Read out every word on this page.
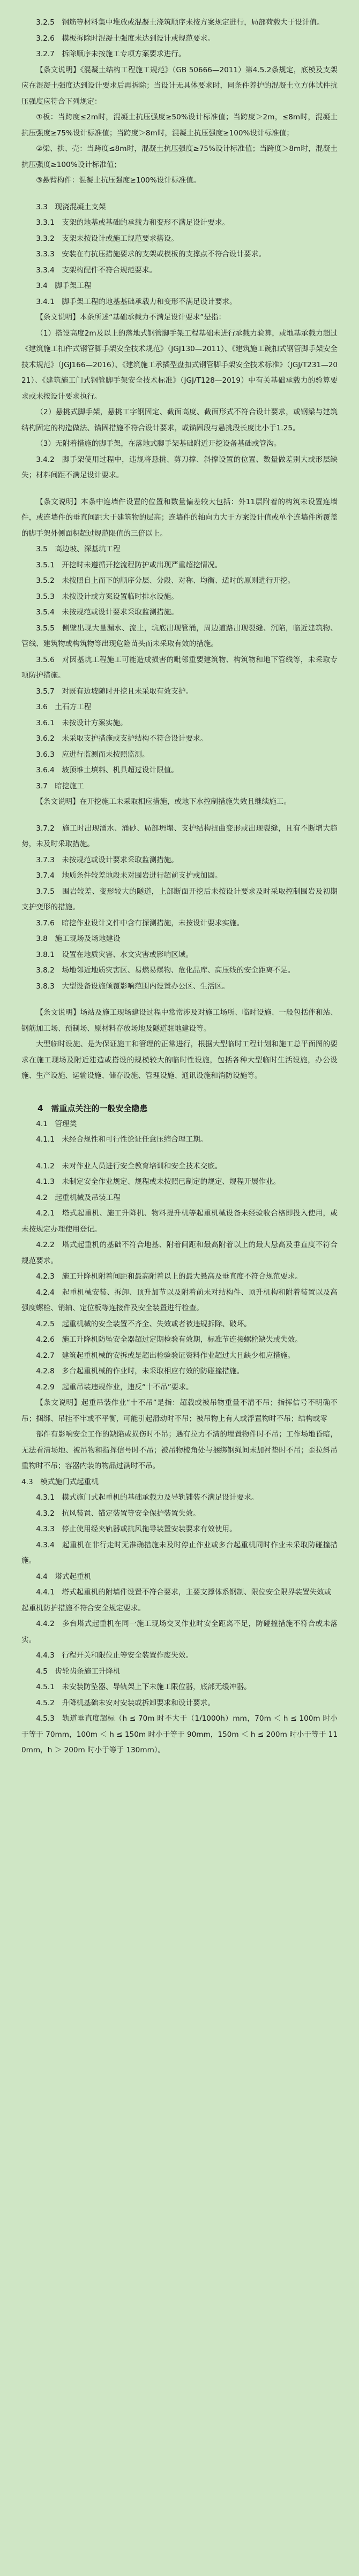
3.2.5　钢筋等材料集中堆放或混凝土浇筑顺序未按方案规定进行，局部荷载大于设计值。

3.2.6　模板拆除时混凝土强度未达到设计或规范要求。

3.2.7　拆除顺序未按施工专项方案要求进行。

【条文说明】《混凝土结构工程施工规范》（GB 50666—2011）第4.5.2条规定，底模及支架应在混凝土强度达到设计要求后再拆除；当设计无具体要求时，同条件养护的混凝土立方体试件抗压强度应符合下列规定：

①板：当跨度≤2m时，混凝土抗压强度≥50%设计标准值；当跨度＞2m，≤8m时，混凝土抗压强度≥75%设计标准值；当跨度＞8m时，混凝土抗压强度≥100%设计标准值；

②梁、拱、壳：当跨度≤8m时，混凝土抗压强度≥75%设计标准值；当跨度＞8m时，混凝土抗压强度≥100%设计标准值；

③悬臂构件：混凝土抗压强度≥100%设计标准值。

3.3　现浇混凝土支架

3.3.1　支架的地基或基础的承载力和变形不满足设计要求。

3.3.2　支架未按设计或施工规范要求搭设。

3.3.3　安装在有抗压措施要求的支架或模板的支撑点不符合设计要求。

3.3.4　支架构配件不符合规范要求。

3.4　脚手架工程

3.4.1　脚手架工程的地基基础承载力和变形不满足设计要求。

【条文说明】本条所述“基础承载力不满足设计要求”是指：

（1）搭设高度2m及以上的落地式钢管脚手架工程基础未进行承载力验算，或地基承载力超过《建筑施工扣件式钢管脚手架安全技术规范》（JGJ130—2011）、《建筑施工碗扣式钢管脚手架安全技术规范》（JGJ166—2016）、《建筑施工承插型盘扣式钢管脚手架安全技术标准》（JGJ/T231—2021）、《建筑施工门式钢管脚手架安全技术标准》（JGJ/T128—2019）中有关基础承载力的验算要求或未按设计要求执行。

（2）悬挑式脚手架，悬挑工字钢固定、截面高度、截面形式不符合设计要求，或钢梁与建筑结构固定的构造做法、锚固措施不符合设计要求，或锚固段与悬挑段长度比小于1.25。

（3）无附着措施的脚手架，在落地式脚手架基础附近开挖设备基础或管沟。

3.4.2　脚手架使用过程中，违规将悬挑、剪刀撑、斜撑设置的位置、数量做差别大或形层缺失；材料间距不满足设计要求。

【条文说明】本条中连墙件设置的位置和数量偏差较大包括：外11层附着的构筑未设置连墙件，或连墙件的垂直间距大于建筑物的层高；连墙件的轴向力大于方案设计值或单个连墙件所覆盖的脚手架外侧面积超过规范限值的三倍以上。

3.5　高边坡、深基坑工程

3.5.1　开挖时未遵循开挖流程防护或出现严重超挖情况。

3.5.2　未按照自上而下的顺序分层、分段、对称、均衡、适时的原则进行开挖。

3.5.3　未按设计或方案设置临时排水设施。

3.5.4　未按规范或设计要求采取监测措施。

3.5.5　侧壁出现大量漏水、流土，坑底出现管涌，周边道路出现裂缝、沉陷，临近建筑物、管线、建筑物或构筑物等出现危险苗头而未采取有效的措施。

3.5.6　对因基坑工程施工可能造成损害的毗邻重要建筑物、构筑物和地下管线等，未采取专项防护措施。

3.5.7　对既有边坡随时开挖且未采取有效支护。

3.6　土石方工程

3.6.1　未按设计方案实施。

3.6.2　未采取支护措施或支护结构不符合设计要求。

3.6.3　应进行监测而未按照监测。

3.6.4　坡顶堆土填料、机具超过设计限值。

3.7　暗挖施工

【条文说明】在开挖施工未采取相应措施，或地下水控制措施失效且继续施工。

3.7.2　施工时出现涌水、涌砂、局部坍塌、支护结构扭曲变形或出现裂缝，且有不断增大趋势，未及时采取措施。

3.7.3　未按规范或设计要求采取监测措施。

3.7.4　地质条件较差地段未对围岩进行超前支护或加固。

3.7.5　围岩较差、变形较大的隧道，上部断面开挖后未按设计要求及时采取控制围岩及初期支护变形的措施。

3.7.6　暗挖作业设计文件中含有探测措施，未按设计要求实施。

3.8　施工现场及场地建设

3.8.1　设置在地质灾害、水文灾害或影响区域。

3.8.2　场地邻近地质灾害区、易燃易爆物、危化品库、高压线的安全距离不足。

3.8.3　大型设备设施倾覆影响范围内设置办公区、生活区。

【条文说明】场站及施工现场建设过程中常常涉及对施工场所、临时设施、一般包括伴和站、钢筋加工场、预制场、原材料存放场地及隧道驻地建设等。

大型临时设施、是为保证施工和管理的正常进行，根据大型临时工程计划和施工总平面图的要求在施工现场及附近建造或搭设的规模较大的临时性设施，包括各种大型临时生活设施，办公设施、生产设施、运输设施、储存设施、管理设施、通讯设施和消防设施等。

4　需重点关注的一般安全隐患

4.1　管理类

4.1.1　未经合规性和可行性论证任意压缩合理工期。

4.1.2　未对作业人员进行安全教育培训和安全技术交底。

4.1.3　未制定安全作业规定、规程或未按照已制定的规定、规程开展作业。

4.2　起重机械及吊装工程

4.2.1　塔式起重机、施工升降机、物料提升机等起重机械设备未经验收合格即投入使用，或未按规定办理使用登记。

4.2.2　塔式起重机的基础不符合地基、附着间距和最高附着以上的最大悬高及垂直度不符合规范要求。

4.2.3　施工升降机附着间距和最高附着以上的最大悬高及垂直度不符合规范要求。

4.2.4　起重机械安装、拆卸、顶升加节以及附着前未对结构件、顶升机构和附着装置以及高强度螺栓、销轴、定位板等连接件及安全装置进行检查。

4.2.5　起重机械的安全装置不齐全、失效或者被违规拆除、破坏。

4.2.6　施工升降机防坠安全器超过定期检验有效期，标准节连接螺栓缺失或失效。

4.2.7　建筑起重机械的安拆或是超出检验验证资料作业超过大且缺少相应措施。

4.2.8　多台起重机械的作业时，未采取相应有效的防碰撞措施。

4.2.9　起重吊装违规作业，违反“十不吊”要求。

【条文说明】起重吊装作业“十不吊”是指：超载或被吊物重量不清不吊；指挥信号不明确不吊；捆绑、吊挂不牢或不平衡，可能引起滑动时不吊；被吊物上有人或浮置物时不吊；结构或零

部件有影响安全工作的缺陷或损伤时不吊；遇有拉力不清的埋置物件时不吊；工作场地昏暗，无法看清场地、被吊物和指挥信号时不吊；被吊物棱角处与捆绑钢绳间未加衬垫时不吊；歪拉斜吊重物时不吊；容器内装的物品过满时不吊。

4.3　模式施门式起重机

4.3.1　模式施门式起重机的基础承载力及导轨铺装不满足设计要求。

4.3.2　抗风装置、锚定装置等安全保护装置失效。

4.3.3　停止使用经夹轨器或抗风拖导装置安装要求有效使用。

4.3.4　起重机在非行走时无准确措施未及时停止作业或多台起重机同时作业未采取防碰撞措施。

4.4　塔式起重机

4.4.1　塔式起重机的附墙件设置不符合要求，主要支撑体系钢制、限位安全限界装置失效或起重机防护措施不符合安全规定要求。

4.4.2　多台塔式起重机在同一施工现场交叉作业时安全距离不足，防碰撞措施不符合或未落实。

4.4.3　行程开关和限位止等安全装置作废失效。

4.5　齿轮齿条施工升降机

4.5.1　未安装防坠器、导轨架上下未施工限位器，底部无缓冲器。

4.5.2　升降机基础未安对安装或拆卸要求和设计要求。

4.5.3　轨道垂直度超标（h ≤ 70m 时不大于（1/1000h）mm，70m ＜ h ≤ 100m 时小于等于 70mm，100m ＜ h ≤ 150m 时小于等于 90mm，150m ＜ h ≤ 200m 时小于等于 110mm，h ＞ 200m 时小于等于 130mm）。
